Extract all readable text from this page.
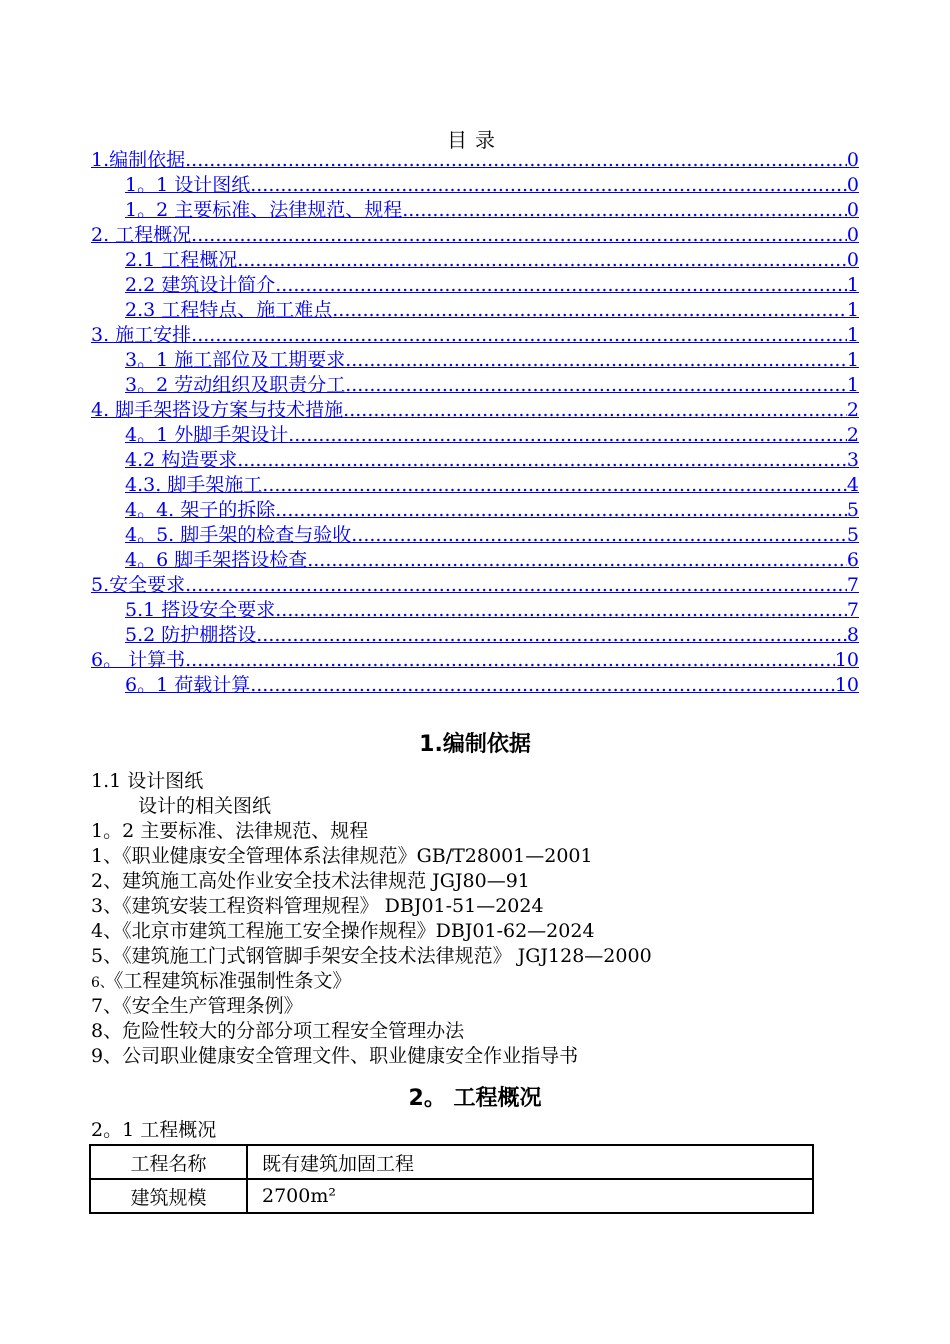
目录
1.编制依据 .....	0
1。1 设计图纸 .....	0
1。2 主要标准、法律规范、规程 .....	0
2. 工程概况 .....	0
2.1 工程概况 .....	0
2.2 建筑设计简介 .....	1
2.3 工程特点、施工难点 .....	1
3. 施工安排 .....	1
3。1 施工部位及工期要求 .....	1
3。2 劳动组织及职责分工 .....	1
4. 脚手架搭设方案与技术措施 .....	2
4。1 外脚手架设计 .....	2
4.2 构造要求 .....	3
4.3. 脚手架施工 .....	4
4。4. 架子的拆除 .....	5
4。5. 脚手架的检查与验收 .....	5
4。6 脚手架搭设检查 .....	6
5.安全要求 .....	7
5.1 搭设安全要求 .....	7
5.2 防护棚搭设 .....	8
6。 计算书 .....	10
6。1 荷载计算 .....	10
1.编制依据
1.1 设计图纸
设计的相关图纸
1。2 主要标准、法律规范、规程
1、《职业健康安全管理体系法律规范》GB/T28001—2001
2、建筑施工高处作业安全技术法律规范 JGJ80—91
3、《建筑安装工程资料管理规程》 DBJ01-51—2024
4、《北京市建筑工程施工安全操作规程》DBJ01-62—2024
5、《建筑施工门式钢管脚手架安全技术法律规范》 JGJ128—2000
6、《工程建筑标准强制性条文》
7、《安全生产管理条例》
8、危险性较大的分部分项工程安全管理办法
9、公司职业健康安全管理文件、职业健康安全作业指导书
2。 工程概况
2。1 工程概况
工程名称	既有建筑加固工程
建筑规模	2700m²
